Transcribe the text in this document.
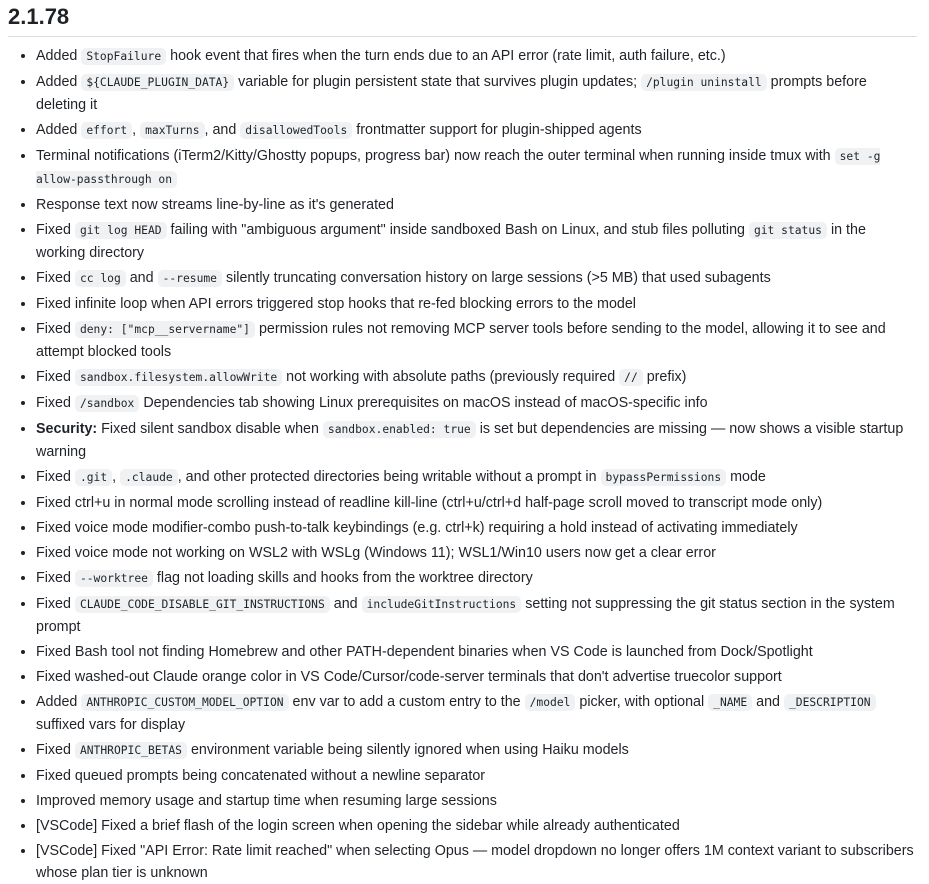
2.1.78
• Added StopFailure hook event that fires when the turn ends due to an API error (rate limit, auth failure, etc.)
• Added ${CLAUDE_PLUGIN_DATA} variable for plugin persistent state that survives plugin updates; /plugin uninstall prompts before deleting it
• Added effort , maxTurns , and disallowedTools frontmatter support for plugin-shipped agents
• Terminal notifications (iTerm2/Kitty/Ghostty popups, progress bar) now reach the outer terminal when running inside tmux with set -g allow-passthrough on
• Response text now streams line-by-line as it's generated
• Fixed git log HEAD failing with "ambiguous argument" inside sandboxed Bash on Linux, and stub files polluting git status in the working directory
• Fixed cc log and --resume silently truncating conversation history on large sessions (>5 MB) that used subagents
• Fixed infinite loop when API errors triggered stop hooks that re-fed blocking errors to the model
• Fixed deny: ["mcp__servername"] permission rules not removing MCP server tools before sending to the model, allowing it to see and attempt blocked tools
• Fixed sandbox.filesystem.allowWrite not working with absolute paths (previously required // prefix)
• Fixed /sandbox Dependencies tab showing Linux prerequisites on macOS instead of macOS-specific info
• Security: Fixed silent sandbox disable when sandbox.enabled: true is set but dependencies are missing — now shows a visible startup warning
• Fixed .git , .claude , and other protected directories being writable without a prompt in bypassPermissions mode
• Fixed ctrl+u in normal mode scrolling instead of readline kill-line (ctrl+u/ctrl+d half-page scroll moved to transcript mode only)
• Fixed voice mode modifier-combo push-to-talk keybindings (e.g. ctrl+k) requiring a hold instead of activating immediately
• Fixed voice mode not working on WSL2 with WSLg (Windows 11); WSL1/Win10 users now get a clear error
• Fixed --worktree flag not loading skills and hooks from the worktree directory
• Fixed CLAUDE_CODE_DISABLE_GIT_INSTRUCTIONS and includeGitInstructions setting not suppressing the git status section in the system prompt
• Fixed Bash tool not finding Homebrew and other PATH-dependent binaries when VS Code is launched from Dock/Spotlight
• Fixed washed-out Claude orange color in VS Code/Cursor/code-server terminals that don't advertise truecolor support
• Added ANTHROPIC_CUSTOM_MODEL_OPTION env var to add a custom entry to the /model picker, with optional _NAME and _DESCRIPTION suffixed vars for display
• Fixed ANTHROPIC_BETAS environment variable being silently ignored when using Haiku models
• Fixed queued prompts being concatenated without a newline separator
• Improved memory usage and startup time when resuming large sessions
• [VSCode] Fixed a brief flash of the login screen when opening the sidebar while already authenticated
• [VSCode] Fixed "API Error: Rate limit reached" when selecting Opus — model dropdown no longer offers 1M context variant to subscribers whose plan tier is unknown
